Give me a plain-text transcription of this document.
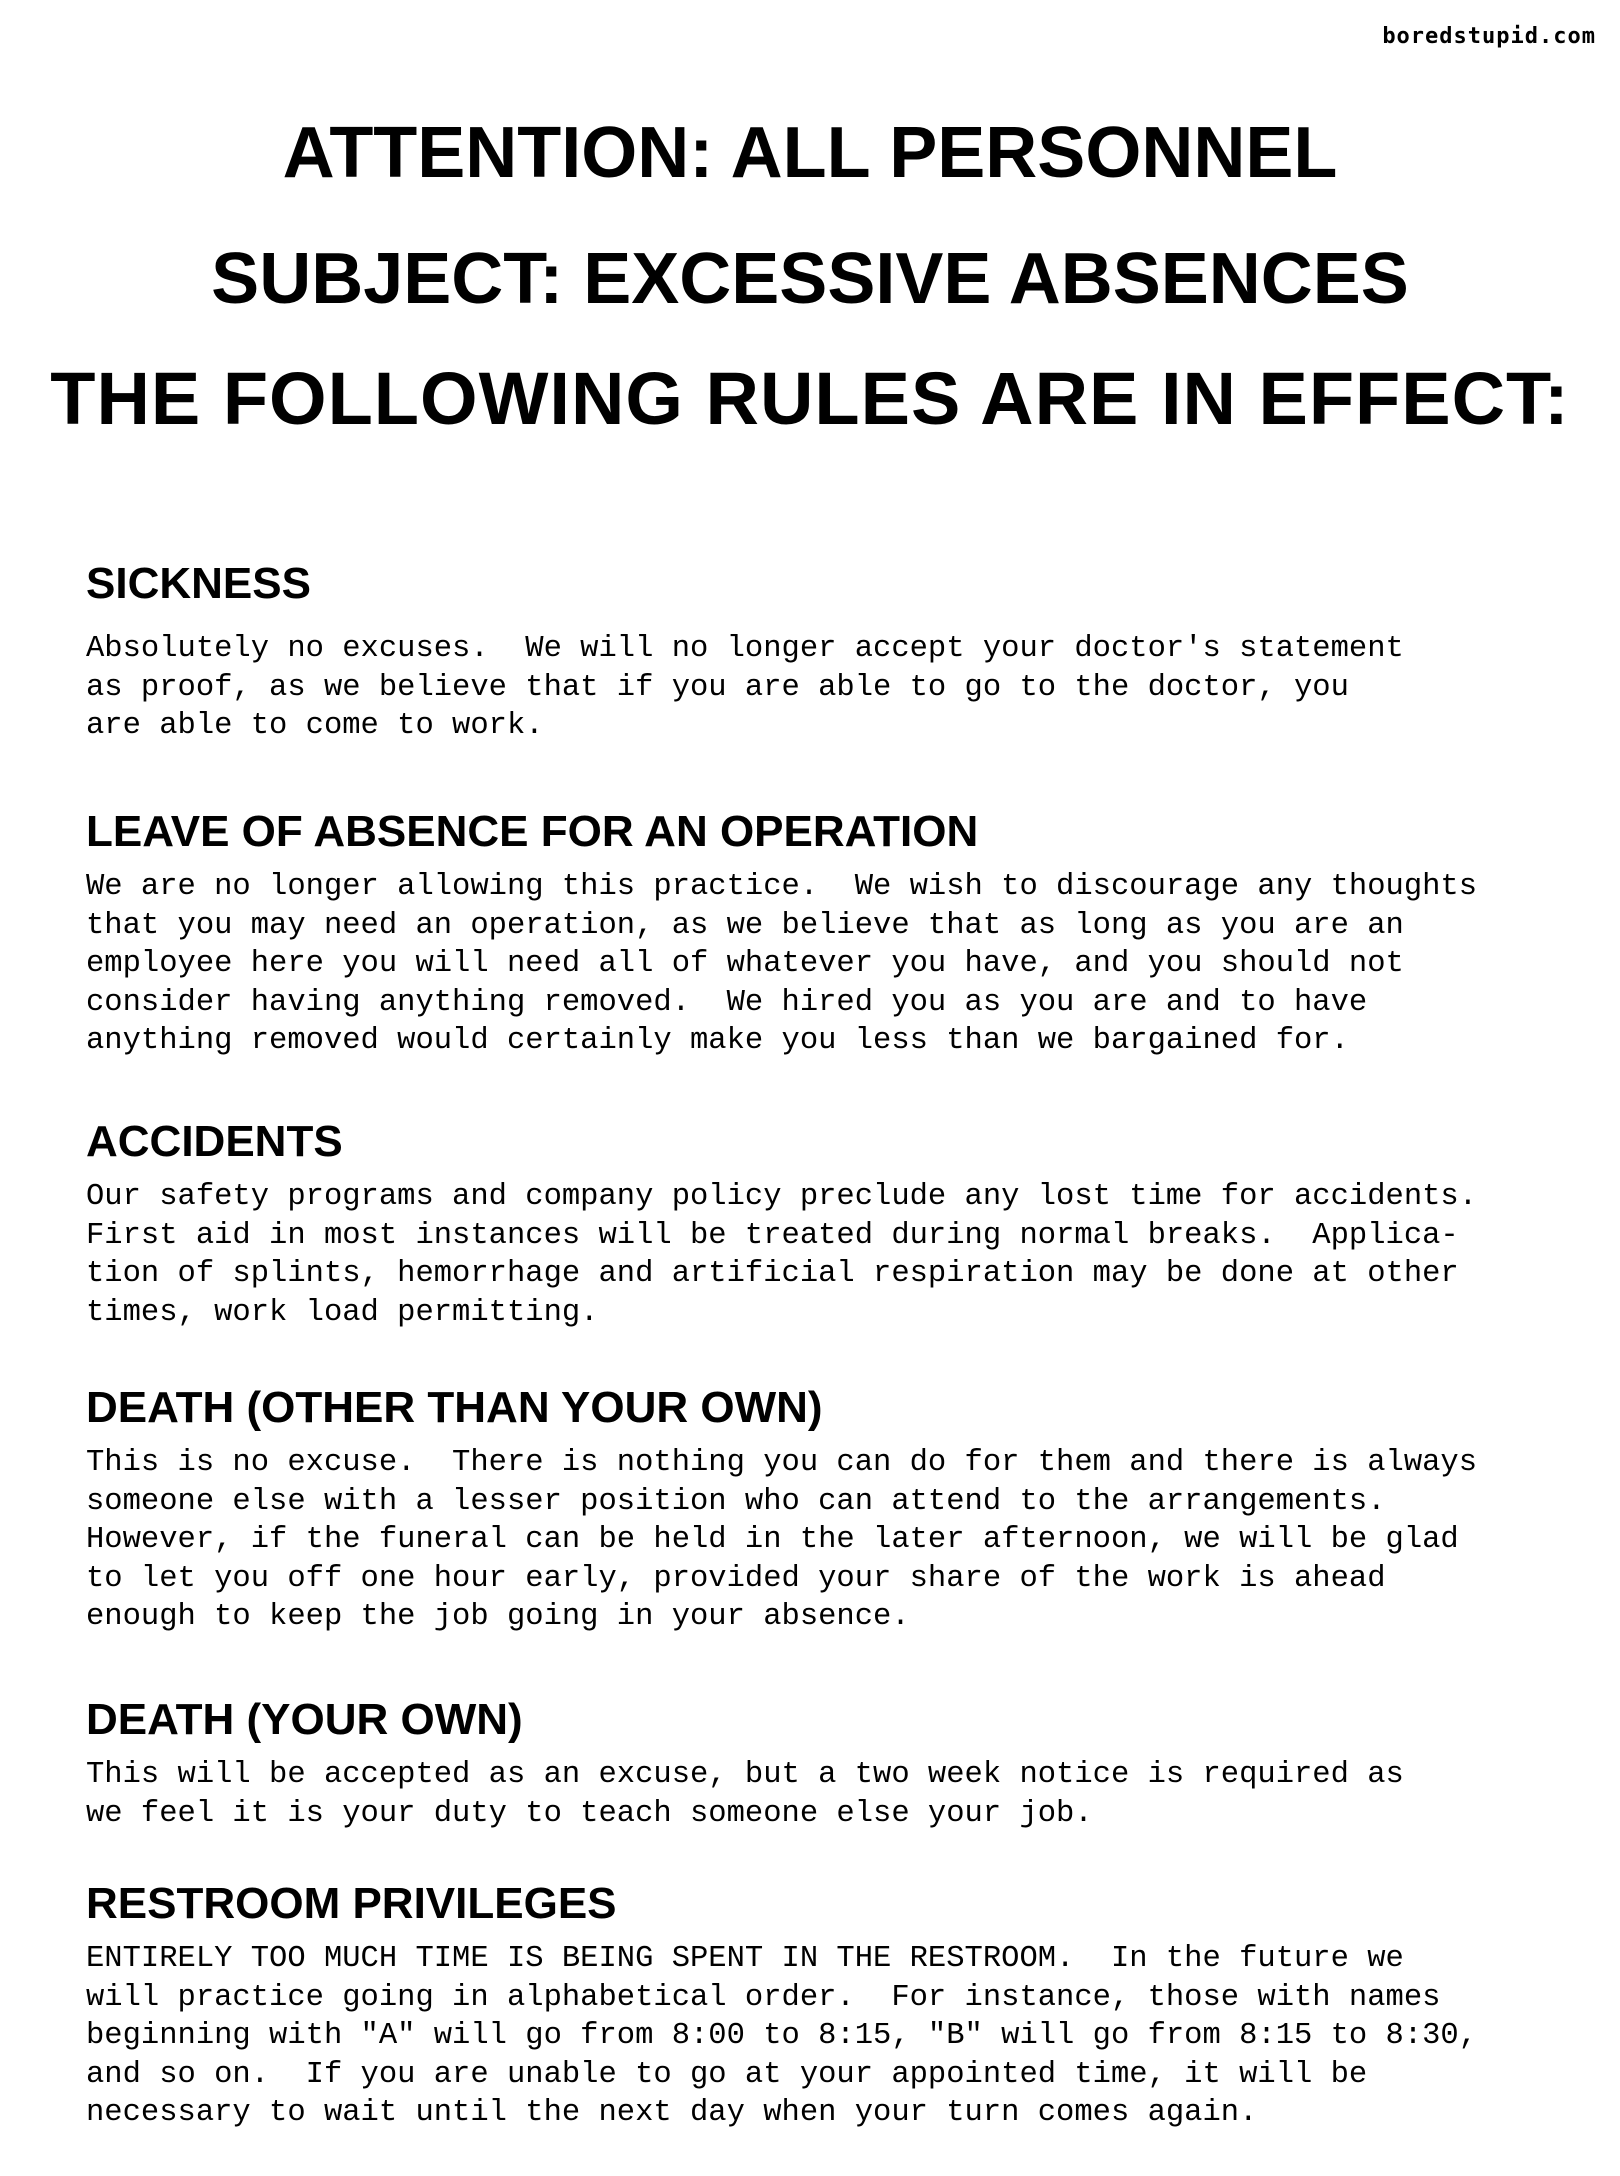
boredstupid.com
ATTENTION: ALL PERSONNEL
SUBJECT: EXCESSIVE ABSENCES
THE FOLLOWING RULES ARE IN EFFECT:
SICKNESS

Absolutely no excuses.  We will no longer accept your doctor's statement
as proof, as we believe that if you are able to go to the doctor, you
are able to come to work.

LEAVE OF ABSENCE FOR AN OPERATION

We are no longer allowing this practice.  We wish to discourage any thoughts
that you may need an operation, as we believe that as long as you are an
employee here you will need all of whatever you have, and you should not
consider having anything removed.  We hired you as you are and to have
anything removed would certainly make you less than we bargained for.

ACCIDENTS

Our safety programs and company policy preclude any lost time for accidents.
First aid in most instances will be treated during normal breaks.  Applica-
tion of splints, hemorrhage and artificial respiration may be done at other
times, work load permitting.

DEATH (OTHER THAN YOUR OWN)

This is no excuse.  There is nothing you can do for them and there is always
someone else with a lesser position who can attend to the arrangements.
However, if the funeral can be held in the later afternoon, we will be glad
to let you off one hour early, provided your share of the work is ahead
enough to keep the job going in your absence.

DEATH (YOUR OWN)

This will be accepted as an excuse, but a two week notice is required as
we feel it is your duty to teach someone else your job.

RESTROOM PRIVILEGES

ENTIRELY TOO MUCH TIME IS BEING SPENT IN THE RESTROOM.  In the future we
will practice going in alphabetical order.  For instance, those with names
beginning with "A" will go from 8:00 to 8:15, "B" will go from 8:15 to 8:30,
and so on.  If you are unable to go at your appointed time, it will be
necessary to wait until the next day when your turn comes again.
